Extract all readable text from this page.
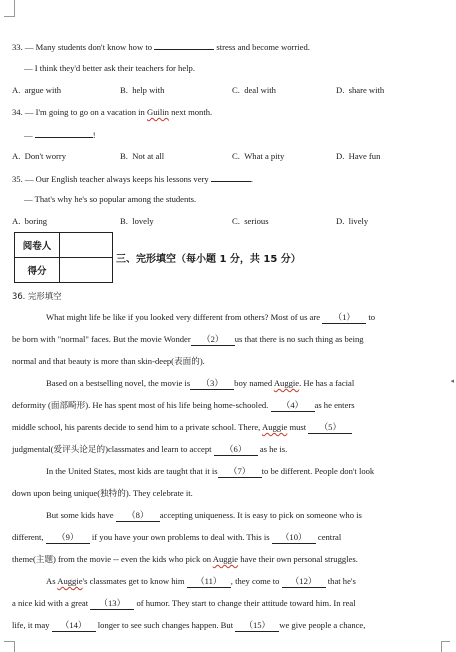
◂
33. — Many students don't know how to	stress and become worried.
— I think they'd better ask their teachers for help.
A. argue with	B. help with	C. deal with	D. share with
34. — I'm going to go on a vacation in Guilin next month.
—	!
A. Don't worry	B. Not at all	C. What a pity	D. Have fun
35. — Our English teacher always keeps his lessons very	.
— That's why he's so popular among the students.
A. boring	B. lovely	C. serious	D. lively
阅卷人	
得分	
三、完形填空（每小题 1 分，共 15 分）
36. 完形填空
What might life be like if you looked very different from others? Most of us are （1） to
be born with "normal" faces. But the movie Wonder （2） us that there is no such thing as being
normal and that beauty is more than skin-deep(表面的).
Based on a bestselling novel, the movie is （3） boy named Auggie. He has a facial
deformity (面部畸形). He has spent most of his life being home-schooled. （4） as he enters
middle school, his parents decide to send him to a private school. There, Auggie must （5）
judgmental(爱评头论足的)classmates and learn to accept （6） as he is.
In the United States, most kids are taught that it is （7） to be different. People don't look
down upon being unique(独特的). They celebrate it.
But some kids have （8） accepting uniqueness. It is easy to pick on someone who is
different, （9） if you have your own problems to deal with. This is （10） central
theme(主题) from the movie -- even the kids who pick on Auggie have their own personal struggles.
As Auggie's classmates get to know him （11） , they come to （12） that he's
a nice kid with a great （13） of humor. They start to change their attitude toward him. In real
life, it may （14） longer to see such changes happen. But （15） we give people a chance,
